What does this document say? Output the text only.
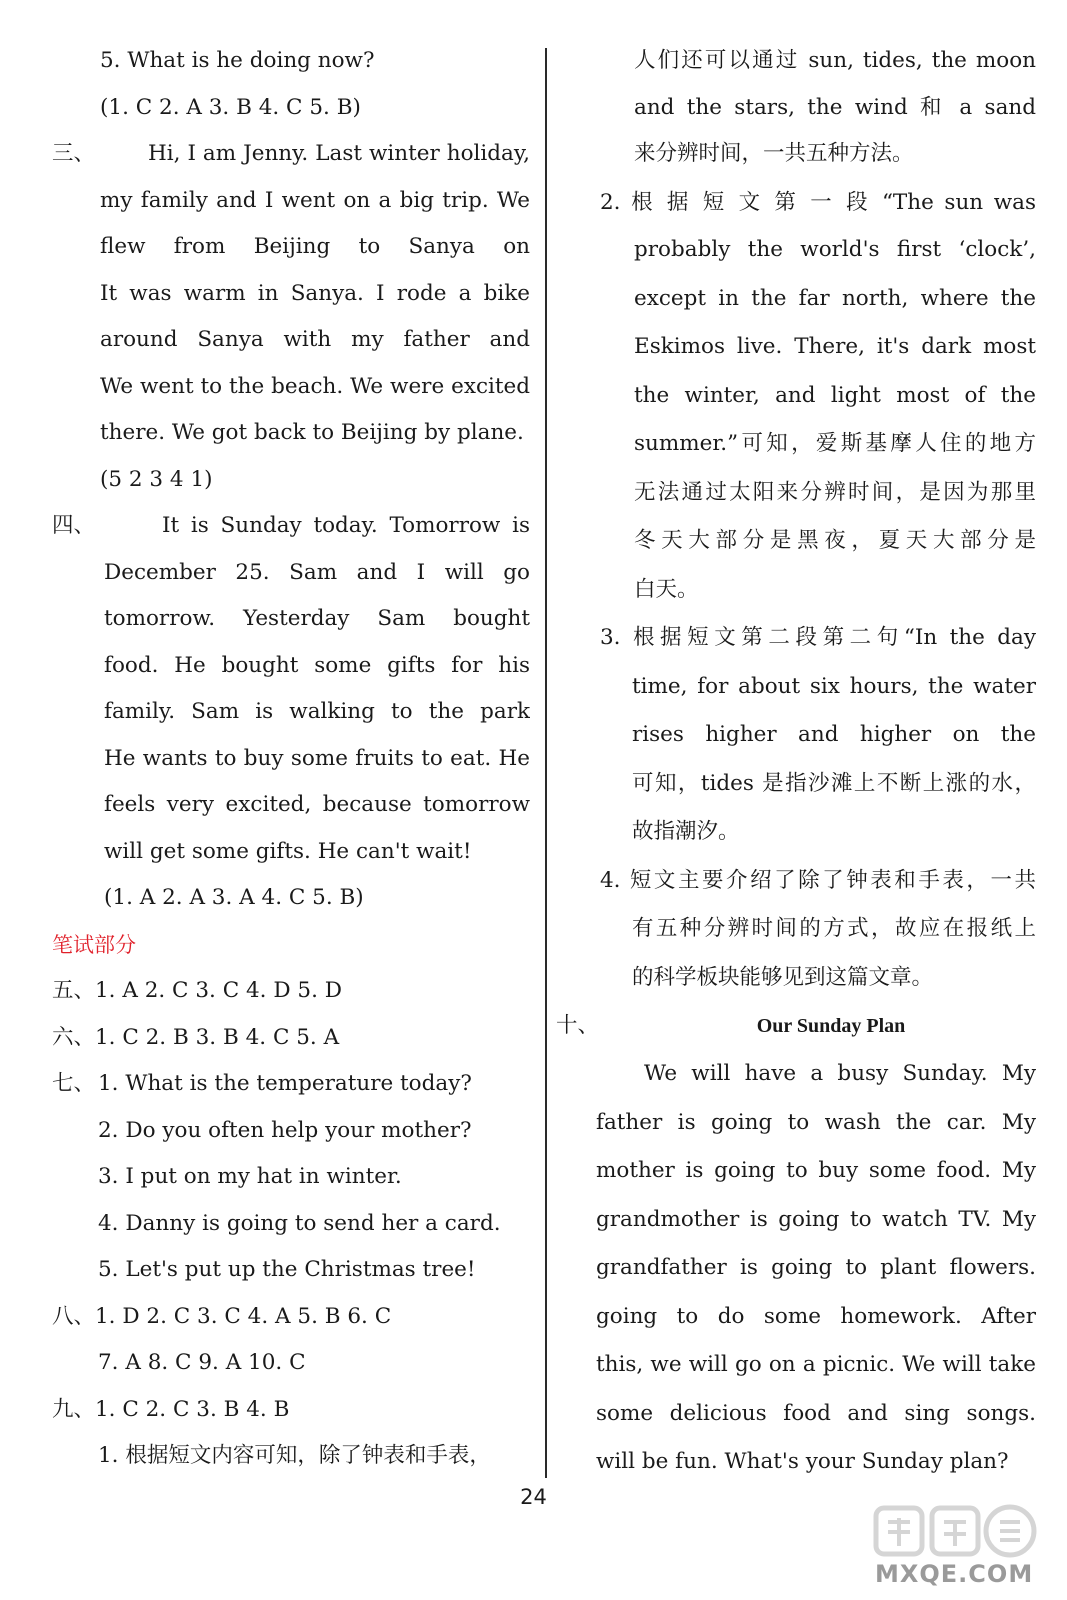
5. What is he doing now?
(1. C 2. A 3. B 4. C 5. B)
三、 Hi, I am Jenny. Last winter holiday,
my family and I went on a big trip. We
flew from Beijing to Sanya on
It was warm in Sanya. I rode a bike
around Sanya with my father and
We went to the beach. We were excited
there. We got back to Beijing by plane.
(5 2 3 4 1)
四、	It is Sunday today. Tomorrow is
December 25. Sam and I will go
tomorrow. Yesterday Sam bought
food. He bought some gifts for his
family. Sam is walking to the park
He wants to buy some fruits to eat. He
feels very excited, because tomorrow
will get some gifts. He can't wait!
(1. A 2. A 3. A 4. C 5. B)
笔试部分
五、1. A 2. C 3. C 4. D 5. D
六、1. C 2. B 3. B 4. C 5. A
七、 1. What is the temperature today?
2. Do you often help your mother?
3. I put on my hat in winter.
4. Danny is going to send her a card.
5. Let's put up the Christmas tree!
八、1. D 2. C 3. C 4. A 5. B 6. C
7. A 8. C 9. A 10. C
九、1. C 2. C 3. B 4. B
1. 根据短文内容可知，除了钟表和手表，
人们还可以通过 sun, tides, the moon
and the stars, the wind 和 a sand
来分辨时间，一共五种方法。
2. 根 据 短 文 第 一 段 “The sun was
probably the world's first ‘clock’,
except in the far north, where the
Eskimos live. There, it's dark most
the winter, and light most of the
summer.”可知，爱斯基摩人住的地方
无法通过太阳来分辨时间，是因为那里
冬天大部分是黑夜，夏天大部分是
白天。
3. 根据短文第二段第二句“In the day
time, for about six hours, the water
rises higher and higher on the
可知，tides 是指沙滩上不断上涨的水，
故指潮汐。
4. 短文主要介绍了除了钟表和手表，一共
有五种分辨时间的方式，故应在报纸上
的科学板块能够见到这篇文章。
十、	Our Sunday Plan
We will have a busy Sunday. My
father is going to wash the car. My
mother is going to buy some food. My
grandmother is going to watch TV. My
grandfather is going to plant flowers.
going to do some homework. After
this, we will go on a picnic. We will take
some delicious food and sing songs.
will be fun. What's your Sunday plan?
24
MXQE.COM
